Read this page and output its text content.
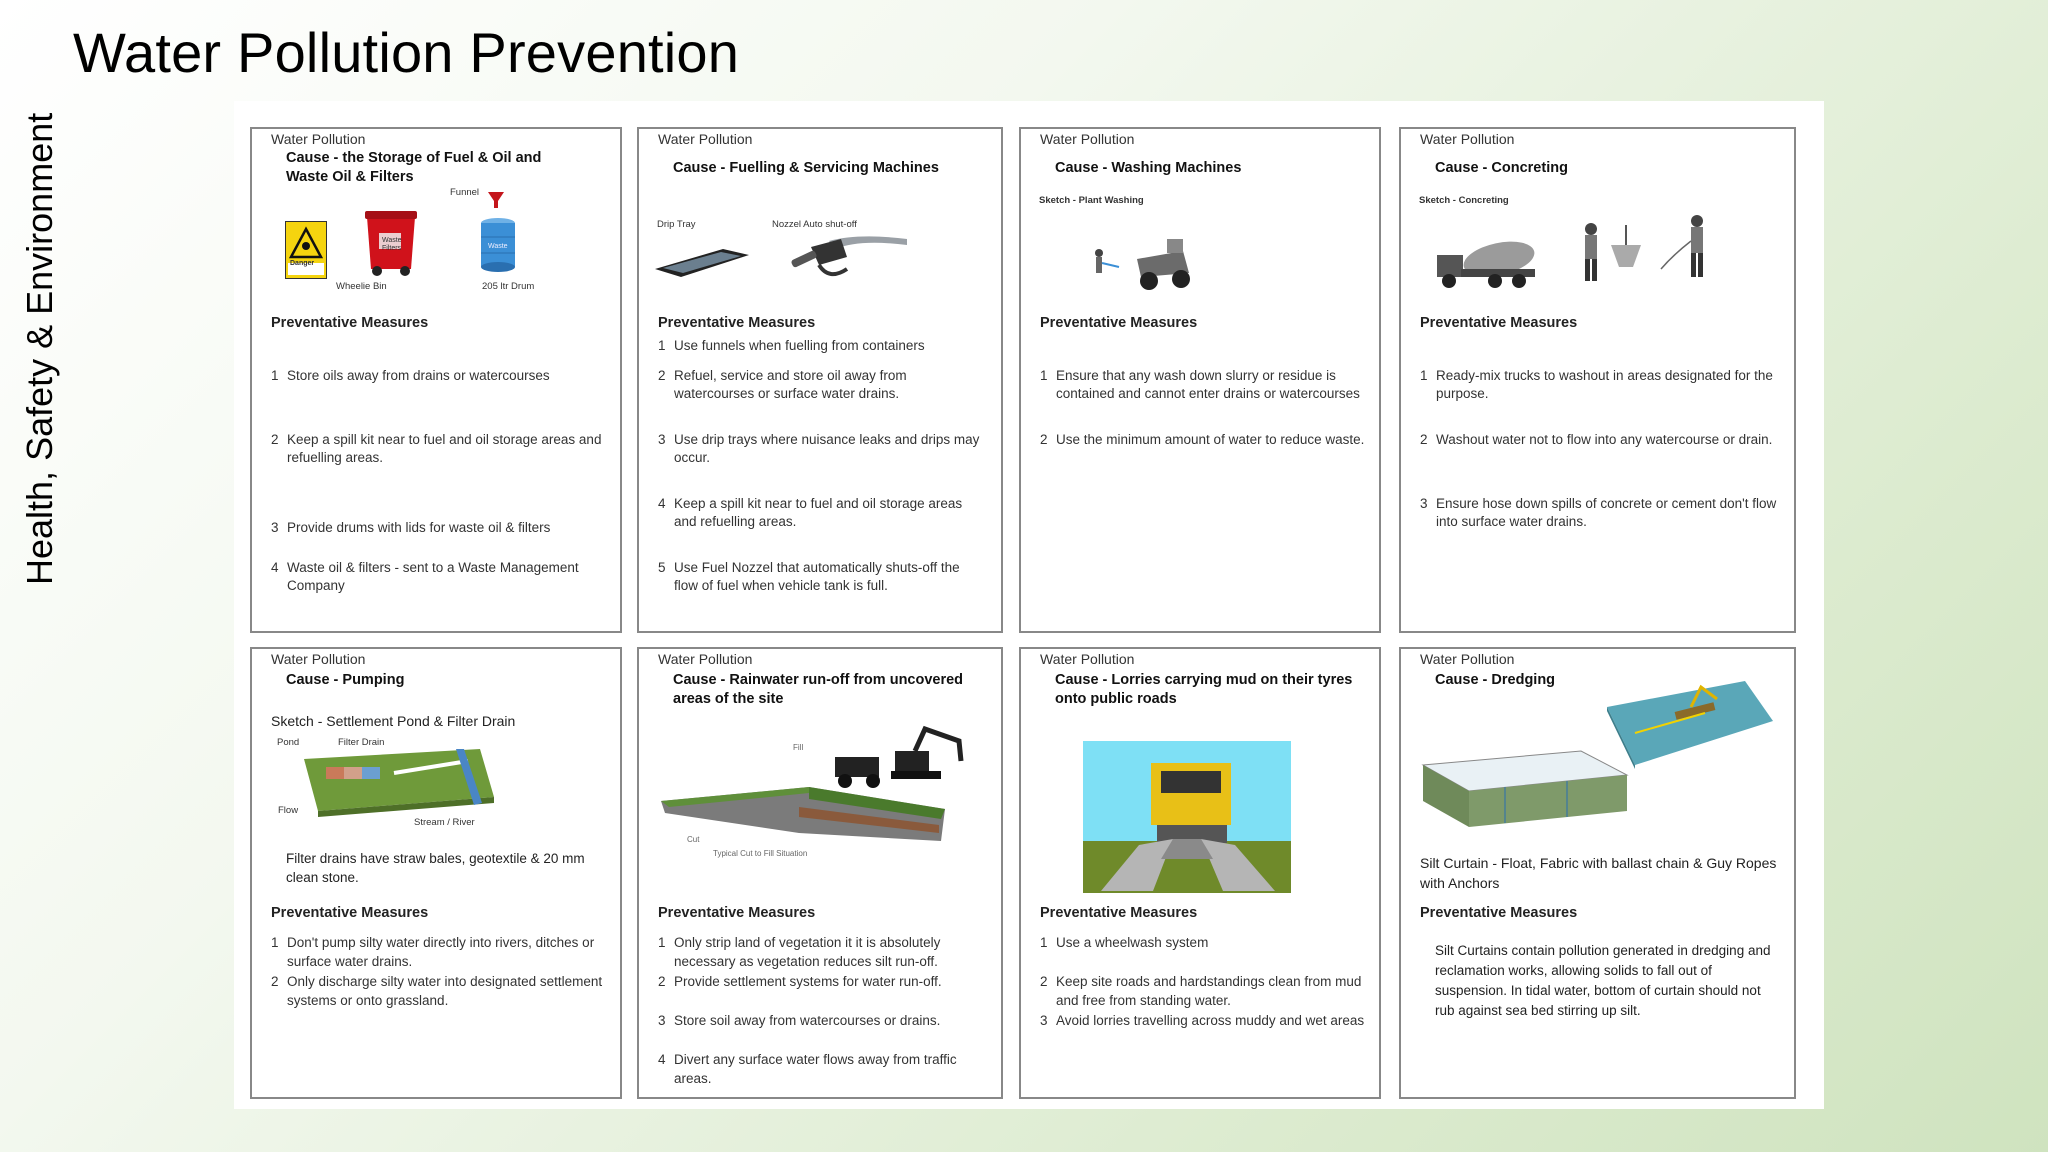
Water Pollution Prevention
Health, Safety & Environment	Water Pollution
Cause - the Storage of Fuel & Oil and Waste Oil & Filters
Funnel
Danger
Waste Filters	Waste
Wheelie Bin	205 ltr Drum
Preventative Measures
1 Store oils away from drains or watercourses
2 Keep a spill kit near to fuel and oil storage areas and refuelling areas.
3 Provide drums with lids for waste oil & filters
4 Waste oil & filters - sent to a Waste Management Company
Water Pollution
Cause - Fuelling & Servicing Machines
Drip Tray	Nozzel Auto shut-off
Preventative Measures
1 Use funnels when fuelling from containers
2 Refuel, service and store oil away from watercourses or surface water drains.
3 Use drip trays where nuisance leaks and drips may occur.
4 Keep a spill kit near to fuel and oil storage areas and refuelling areas.
5 Use Fuel Nozzel that automatically shuts-off the flow of fuel when vehicle tank is full.
Water Pollution
Cause - Washing Machines
Sketch - Plant Washing
Preventative Measures
1 Ensure that any wash down slurry or residue is contained and cannot enter drains or watercourses
2 Use the minimum amount of water to reduce waste.
Water Pollution
Cause - Concreting
Sketch - Concreting
Preventative Measures
1 Ready-mix trucks to washout in areas designated for the purpose.
2 Washout water not to flow into any watercourse or drain.
3 Ensure hose down spills of concrete or cement don't flow into surface water drains.
Water Pollution
Cause - Pumping
Sketch - Settlement Pond & Filter Drain
Pond	Filter Drain
Flow
Stream / River
Filter drains have straw bales, geotextile & 20 mm clean stone.
Preventative Measures
1 Don't pump silty water directly into rivers, ditches or surface water drains.
2 Only discharge silty water into designated settlement systems or onto grassland.
Water Pollution
Cause - Rainwater run-off from uncovered areas of the site
Fill
Cut
Typical Cut to Fill Situation
Preventative Measures
1 Only strip land of vegetation it it is absolutely necessary as vegetation reduces silt run-off.
2 Provide settlement systems for water run-off.
3 Store soil away from watercourses or drains.
4 Divert any surface water flows away from traffic areas.
Water Pollution
Cause - Lorries carrying mud on their tyres onto public roads
Preventative Measures
1 Use a wheelwash system
2 Keep site roads and hardstandings clean from mud and free from standing water.
3 Avoid lorries travelling across muddy and wet areas
Water Pollution
Cause - Dredging
Silt Curtain - Float, Fabric with ballast chain & Guy Ropes with Anchors
Preventative Measures
Silt Curtains contain pollution generated in dredging and reclamation works, allowing solids to fall out of suspension. In tidal water, bottom of curtain should not rub against sea bed stirring up silt.
